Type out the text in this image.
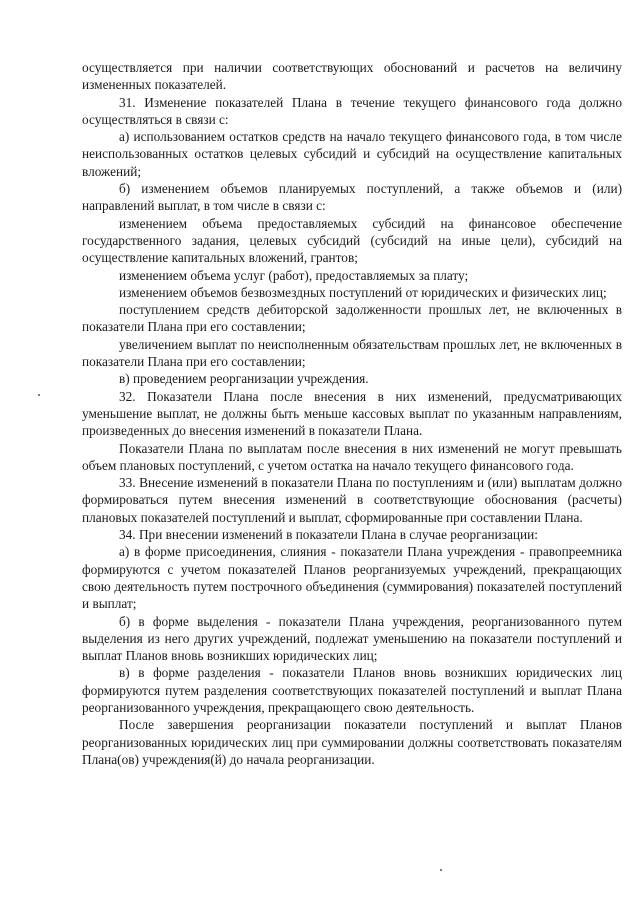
осуществляется при наличии соответствующих обоснований и расчетов на величину измененных показателей.

31. Изменение показателей Плана в течение текущего финансового года должно осуществляться в связи с:

а) использованием остатков средств на начало текущего финансового года, в том числе неиспользованных остатков целевых субсидий и субсидий на осуществление капитальных вложений;

б) изменением объемов планируемых поступлений, а также объемов и (или) направлений выплат, в том числе в связи с:

изменением объема предоставляемых субсидий на финансовое обеспечение государственного задания, целевых субсидий (субсидий на иные цели), субсидий на осуществление капитальных вложений, грантов;

изменением объема услуг (работ), предоставляемых за плату;

изменением объемов безвозмездных поступлений от юридических и физических лиц;

поступлением средств дебиторской задолженности прошлых лет, не включенных в показатели Плана при его составлении;

увеличением выплат по неисполненным обязательствам прошлых лет, не включенных в показатели Плана при его составлении;

в) проведением реорганизации учреждения.

32. Показатели Плана после внесения в них изменений, предусматривающих уменьшение выплат, не должны быть меньше кассовых выплат по указанным направлениям, произведенных до внесения изменений в показатели Плана.

Показатели Плана по выплатам после внесения в них изменений не могут превышать объем плановых поступлений, с учетом остатка на начало текущего финансового года.

33. Внесение изменений в показатели Плана по поступлениям и (или) выплатам должно формироваться путем внесения изменений в соответствующие обоснования (расчеты) плановых показателей поступлений и выплат, сформированные при составлении Плана.

34. При внесении изменений в показатели Плана в случае реорганизации:

а) в форме присоединения, слияния - показатели Плана учреждения - правопреемника формируются с учетом показателей Планов реорганизуемых учреждений, прекращающих свою деятельность путем построчного объединения (суммирования) показателей поступлений и выплат;

б) в форме выделения - показатели Плана учреждения, реорганизованного путем выделения из него других учреждений, подлежат уменьшению на показатели поступлений и выплат Планов вновь возникших юридических лиц;

в) в форме разделения - показатели Планов вновь возникших юридических лиц формируются путем разделения соответствующих показателей поступлений и выплат Плана реорганизованного учреждения, прекращающего свою деятельность.

После завершения реорганизации показатели поступлений и выплат Планов реорганизованных юридических лиц при суммировании должны соответствовать показателям Плана(ов) учреждения(й) до начала реорганизации.
